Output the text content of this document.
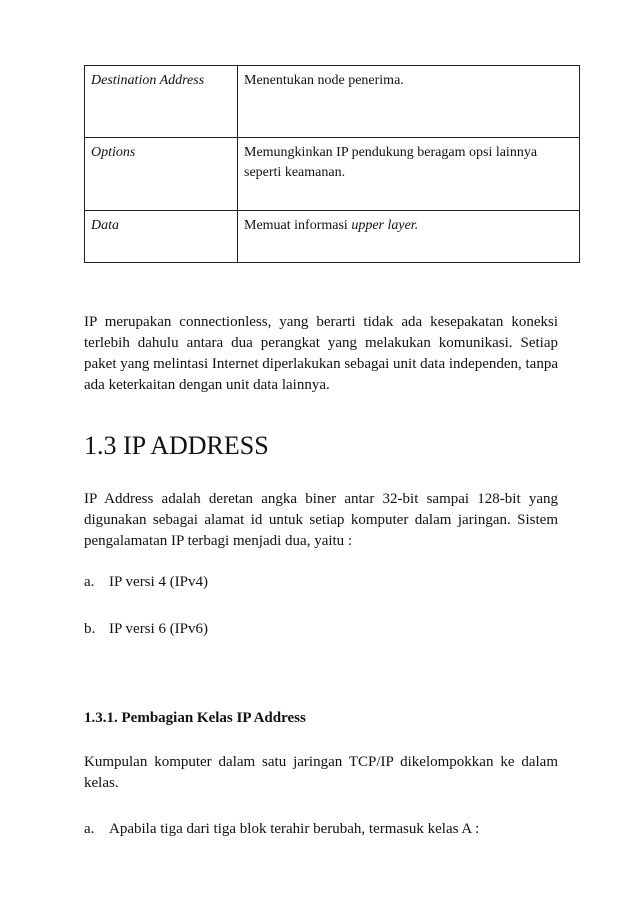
Destination Address	Menentukan node penerima.
Options	Memungkinkan IP pendukung beragam opsi lainnya seperti keamanan.
Data	Memuat informasi upper layer.

IP merupakan connectionless, yang berarti tidak ada kesepakatan koneksi terlebih dahulu antara dua perangkat yang melakukan komunikasi. Setiap paket yang melintasi Internet diperlakukan sebagai unit data independen, tanpa ada keterkaitan dengan unit data lainnya.

1.3 IP ADDRESS

IP Address adalah deretan angka biner antar 32-bit sampai 128-bit yang digunakan sebagai alamat id untuk setiap komputer dalam jaringan. Sistem pengalamatan IP terbagi menjadi dua, yaitu :

a. IP versi 4 (IPv4)
b. IP versi 6 (IPv6)
1.3.1. Pembagian Kelas IP Address

Kumpulan komputer dalam satu jaringan TCP/IP dikelompokkan ke dalam kelas.

a. Apabila tiga dari tiga blok terahir berubah, termasuk kelas A :
